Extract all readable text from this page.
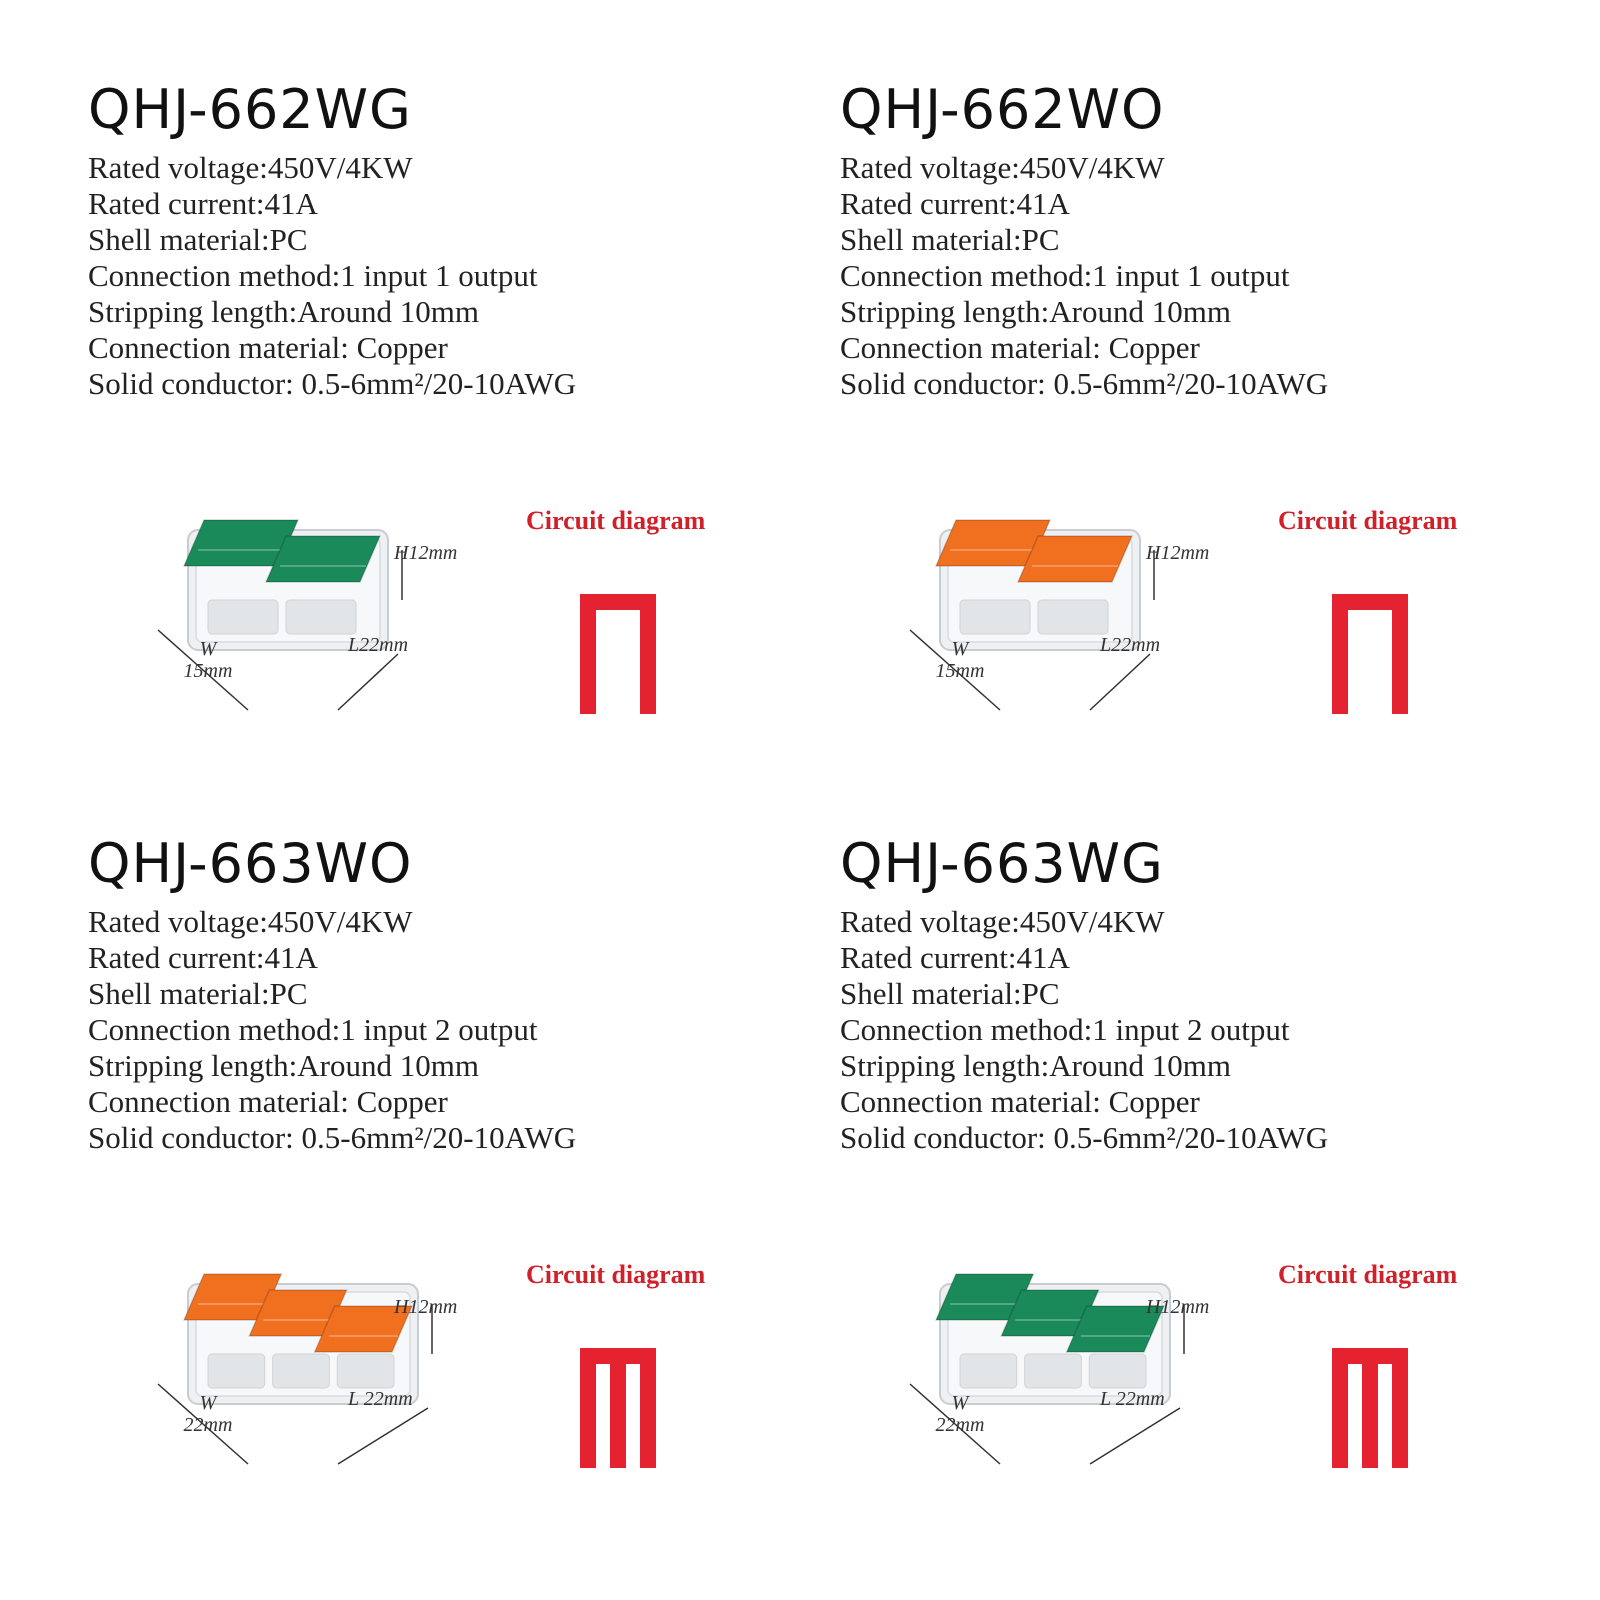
QHJ-662WG
Rated voltage:450V/4KW
Rated current:41A
Shell material:PC
Connection method:1 input 1 output
Stripping length:Around 10mm
Connection material: Copper
Solid conductor: 0.5-6mm²/20-10AWG
H12mm
L22mm
W
15mm
Circuit diagram
QHJ-662WO
Rated voltage:450V/4KW
Rated current:41A
Shell material:PC
Connection method:1 input 1 output
Stripping length:Around 10mm
Connection material: Copper
Solid conductor: 0.5-6mm²/20-10AWG
H12mm
L22mm
W
15mm
Circuit diagram
QHJ-663WO
Rated voltage:450V/4KW
Rated current:41A
Shell material:PC
Connection method:1 input 2 output
Stripping length:Around 10mm
Connection material: Copper
Solid conductor: 0.5-6mm²/20-10AWG
H12mm
L 22mm
W
22mm
Circuit diagram
QHJ-663WG
Rated voltage:450V/4KW
Rated current:41A
Shell material:PC
Connection method:1 input 2 output
Stripping length:Around 10mm
Connection material: Copper
Solid conductor: 0.5-6mm²/20-10AWG
H12mm
L 22mm
W
22mm
Circuit diagram
